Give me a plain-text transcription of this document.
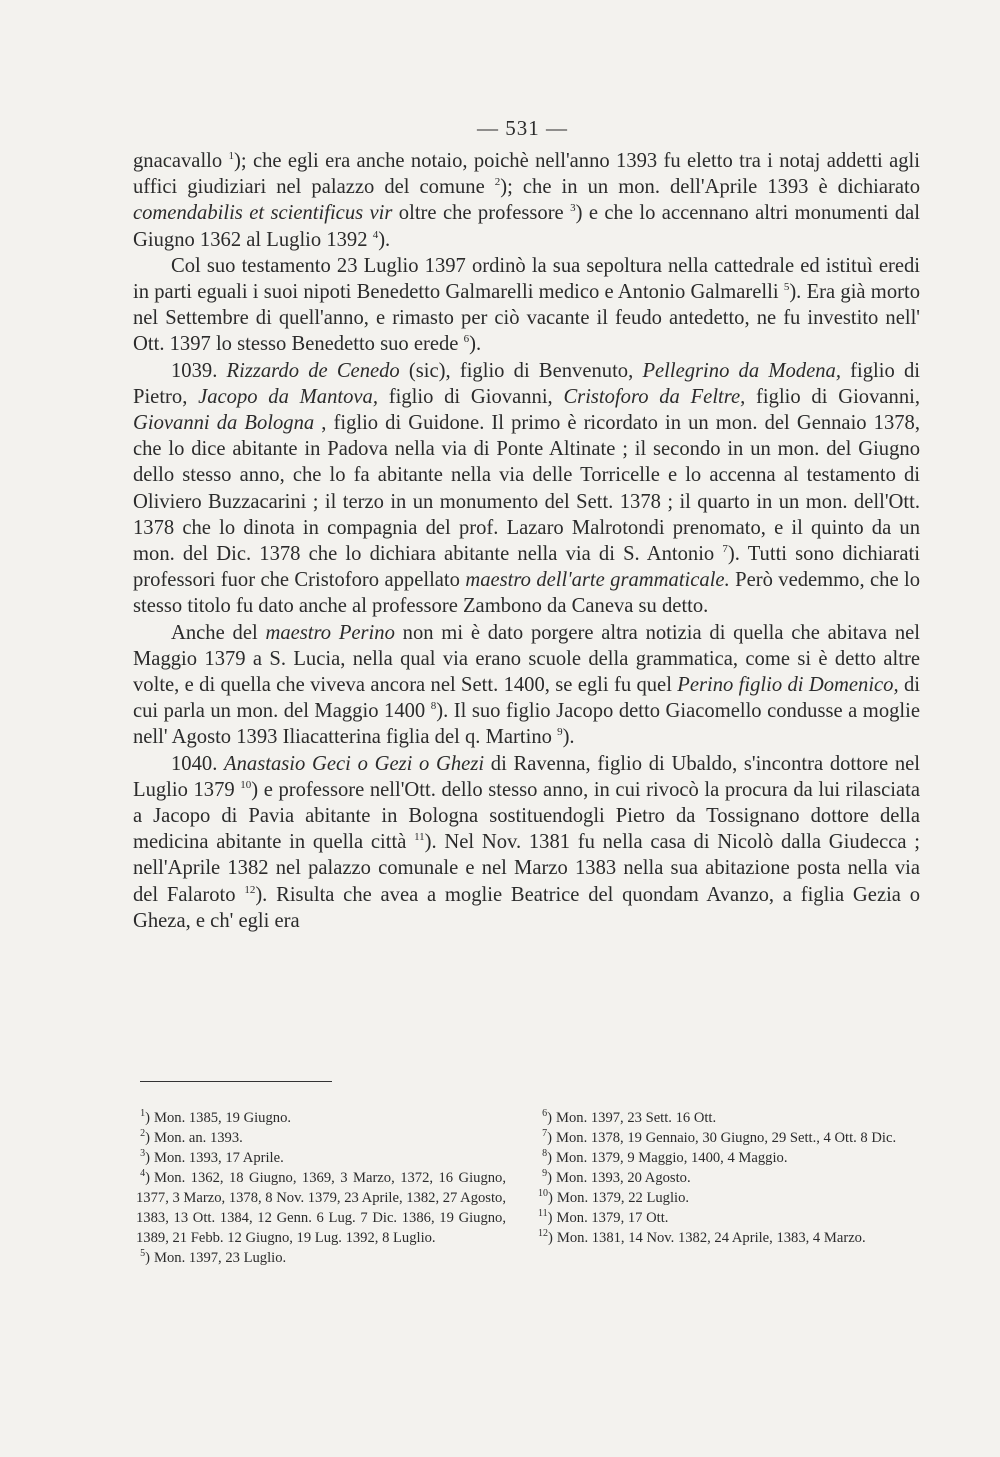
— 531 —

gnacavallo $^1$); che egli era anche notaio, poichè nell'anno 1393 fu eletto tra i notaj addetti agli uffici giudiziari nel palazzo del comune $^2$); che in un mon. dell'Aprile 1393 è dichiarato comendabilis et scientificus vir oltre che professore $^3$) e che lo accennano altri monumenti dal Giugno 1362 al Luglio 1392 $^4$).

Col suo testamento 23 Luglio 1397 ordinò la sua sepoltura nella cattedrale ed istituì eredi in parti eguali i suoi nipoti Benedetto Galmarelli medico e Antonio Galmarelli $^5$). Era già morto nel Settembre di quell'anno, e rimasto per ciò vacante il feudo antedetto, ne fu investito nell' Ott. 1397 lo stesso Benedetto suo erede $^6$).

1039. Rizzardo de Cenedo (sic), figlio di Benvenuto, Pellegrino da Modena, figlio di Pietro, Jacopo da Mantova, figlio di Giovanni, Cristoforo da Feltre, figlio di Giovanni, Giovanni da Bologna , figlio di Guidone. Il primo è ricordato in un mon. del Gennaio 1378, che lo dice abitante in Padova nella via di Ponte Altinate ; il secondo in un mon. del Giugno dello stesso anno, che lo fa abitante nella via delle Torricelle e lo accenna al testamento di Oliviero Buzzacarini ; il terzo in un monumento del Sett. 1378 ; il quarto in un mon. dell'Ott. 1378 che lo dinota in compagnia del prof. Lazaro Malrotondi prenomato, e il quinto da un mon. del Dic. 1378 che lo dichiara abitante nella via di S. Antonio $^7$). Tutti sono dichiarati professori fuor che Cristoforo appellato maestro dell'arte grammaticale. Però vedemmo, che lo stesso titolo fu dato anche al professore Zambono da Caneva su detto.

Anche del maestro Perino non mi è dato porgere altra notizia di quella che abitava nel Maggio 1379 a S. Lucia, nella qual via erano scuole della grammatica, come si è detto altre volte, e di quella che viveva ancora nel Sett. 1400, se egli fu quel Perino figlio di Domenico, di cui parla un mon. del Maggio 1400 $^8$). Il suo figlio Jacopo detto Giacomello condusse a moglie nell' Agosto 1393 Iliacatterina figlia del q. Martino $^9$).

1040. Anastasio Geci o Gezi o Ghezi di Ravenna, figlio di Ubaldo, s'incontra dottore nel Luglio 1379 $^{10}$) e professore nell'Ott. dello stesso anno, in cui rivocò la procura da lui rilasciata a Jacopo di Pavia abitante in Bologna sostituendogli Pietro da Tossignano dottore della medicina abitante in quella città $^{11}$). Nel Nov. 1381 fu nella casa di Nicolò dalla Giudecca ; nell'Aprile 1382 nel palazzo comunale e nel Marzo 1383 nella sua abitazione posta nella via del Falaroto $^{12}$). Risulta che avea a moglie Beatrice del quondam Avanzo, a figlia Gezia o Gheza, e ch' egli era

$^1$) Mon. 1385, 19 Giugno.

$^2$) Mon. an. 1393.

$^3$) Mon. 1393, 17 Aprile.

$^4$) Mon. 1362, 18 Giugno, 1369, 3 Marzo, 1372, 16 Giugno, 1377, 3 Marzo, 1378, 8 Nov. 1379, 23 Aprile, 1382, 27 Agosto, 1383, 13 Ott. 1384, 12 Genn. 6 Lug. 7 Dic. 1386, 19 Giugno, 1389, 21 Febb. 12 Giugno, 19 Lug. 1392, 8 Luglio.

$^5$) Mon. 1397, 23 Luglio.

$^6$) Mon. 1397, 23 Sett. 16 Ott.

$^7$) Mon. 1378, 19 Gennaio, 30 Giugno, 29 Sett., 4 Ott. 8 Dic.

$^8$) Mon. 1379, 9 Maggio, 1400, 4 Maggio.

$^9$) Mon. 1393, 20 Agosto.

$^{10}$) Mon. 1379, 22 Luglio.

$^{11}$) Mon. 1379, 17 Ott.

$^{12}$) Mon. 1381, 14 Nov. 1382, 24 Aprile, 1383, 4 Marzo.
